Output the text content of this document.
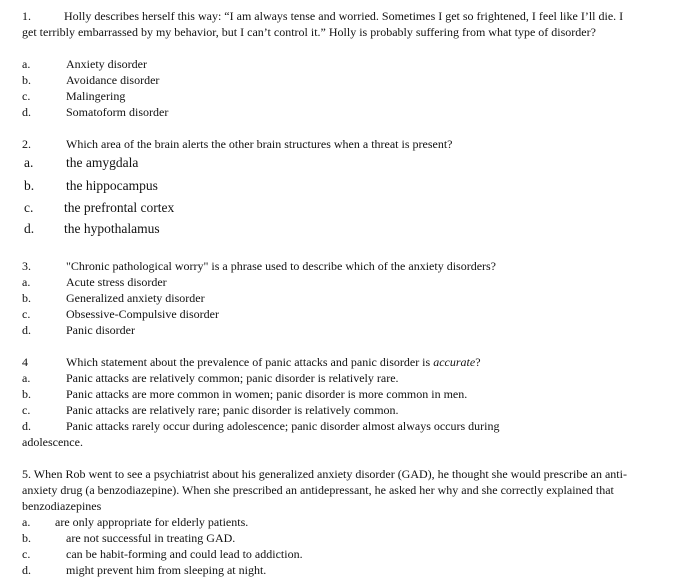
1.	Holly describes herself this way: “I am always tense and worried. Sometimes I get so frightened, I feel like I’ll die. I get terribly embarrassed by my behavior, but I can’t control it.” Holly is probably suffering from what type of disorder?
a.	Anxiety disorder
b.	Avoidance disorder
c.	Malingering
d.	Somatoform disorder
2.	Which area of the brain alerts the other brain structures when a threat is present?
a. the amygdala
b. the hippocampus
c. the prefrontal cortex
d. the hypothalamus
3.	"Chronic pathological worry" is a phrase used to describe which of the anxiety disorders?
a.	Acute stress disorder
b.	Generalized anxiety disorder
c.	Obsessive-Compulsive disorder
d.	Panic disorder
4	Which statement about the prevalence of panic attacks and panic disorder is accurate?
a.	Panic attacks are relatively common; panic disorder is relatively rare.
b.	Panic attacks are more common in women; panic disorder is more common in men.
c.	Panic attacks are relatively rare; panic disorder is relatively common.
d.	Panic attacks rarely occur during adolescence; panic disorder almost always occurs during
adolescence.
5. When Rob went to see a psychiatrist about his generalized anxiety disorder (GAD), he thought she would prescribe an anti-anxiety drug (a benzodiazepine). When she prescribed an antidepressant, he asked her why and she correctly explained that benzodiazepines
a. are only appropriate for elderly patients.
b.	are not successful in treating GAD.
c.	can be habit-forming and could lead to addiction.
d.	might prevent him from sleeping at night.
